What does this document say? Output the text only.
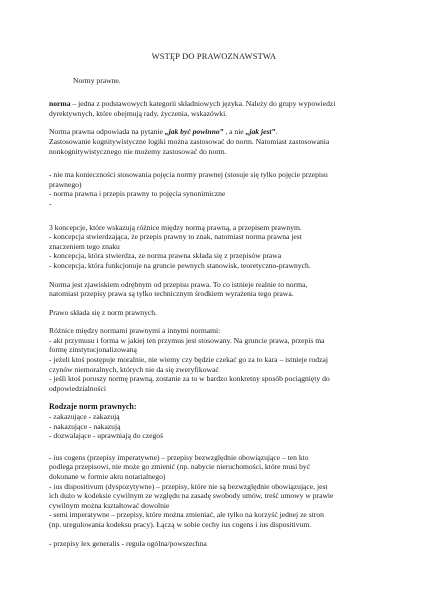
WSTĘP DO PRAWOZNAWSTWA
Normy prawne.

norma – jedna z podstawowych kategorii składniowych języka. Należy do grupy wypowiedzi
dyrektywnych, które obejmują rady, życzenia, wskazówki.

Norma prawna odpowiada na pytanie „jak być powinno” , a nie „jak jest”.
Zastosowanie kognitywistyczne logiki można zastosować do norm. Natomiast zastosowania
nonkognitywistycznego nie możemy zastosować do norm.

- nie ma konieczności stosowania pojęcia normy prawnej (stosuje się tylko pojęcie przepisu
prawnego)
- norma prawna i przepis prawny to pojęcia synonimiczne
-

3 koncepcje, które wskazują różnice między normą prawną, a przepisem prawnym.
- koncepcja stwierdzająca, że przepis prawny to znak, natomiast norma prawna jest
znaczeniem tego znaku
- koncepcja, która stwierdza, ze norma prawna składa się z przepisów prawa
- koncepcja, która funkcjonuje na gruncie pewnych stanowisk, teoretyczno-prawnych.

Norma jest zjawiskiem odrębnym od przepisu prawa. To co istnieje realnie to norma,
natomiast przepisy prawa są tylko technicznym środkiem wyrażenia tego prawa.

Prawo składa się z norm prawnych.

Różnice między normami prawnymi a innymi normami:
- akt przymusu i forma w jakiej ten przymus jest stosowany. Na gruncie prawa, przepis ma
formę zinstytucjonalizowaną
- jeżeli ktoś postępuje moralnie, nie wiemy czy będzie czekać go za to kara – istnieje rodzaj
czynów niemoralnych, których nie da się zweryfikować
- jeśli ktoś poruszy normę prawną, zostanie za to w bardzo konkretny sposób pociągnięty do
odpowiedzialności

Rodzaje norm prawnych:
- zakazujące - zakazują
- nakazujące - nakazują
- dozwalające - uprawniają do czegoś

- ius cogens (przepisy imperatywne) – przepisy bezwzględnie obowiązujące – ten kto
podlega przepisowi, nie może go zmienić (np. nabycie nieruchomości, które musi być
dokonane w formie aktu notarialnego)
- ius dispositivum (dyspozytywne) – przepisy, które nie są bezwzględnie obowiązujące, jest
ich dużo w kodeksie cywilnym ze względu na zasadę swobody umów, treść umowy w prawie
cywilnym można kształtować dowolnie
- semi imperatywne – przepisy, które można zmieniać, ale tylko na korzyść jednej ze stron
(np. uregulowania kodeksu pracy). Łączą w sobie cechy ius cogens i ius dispositivum.

- przepisy lex generalis - reguła ogólna/powszechna
